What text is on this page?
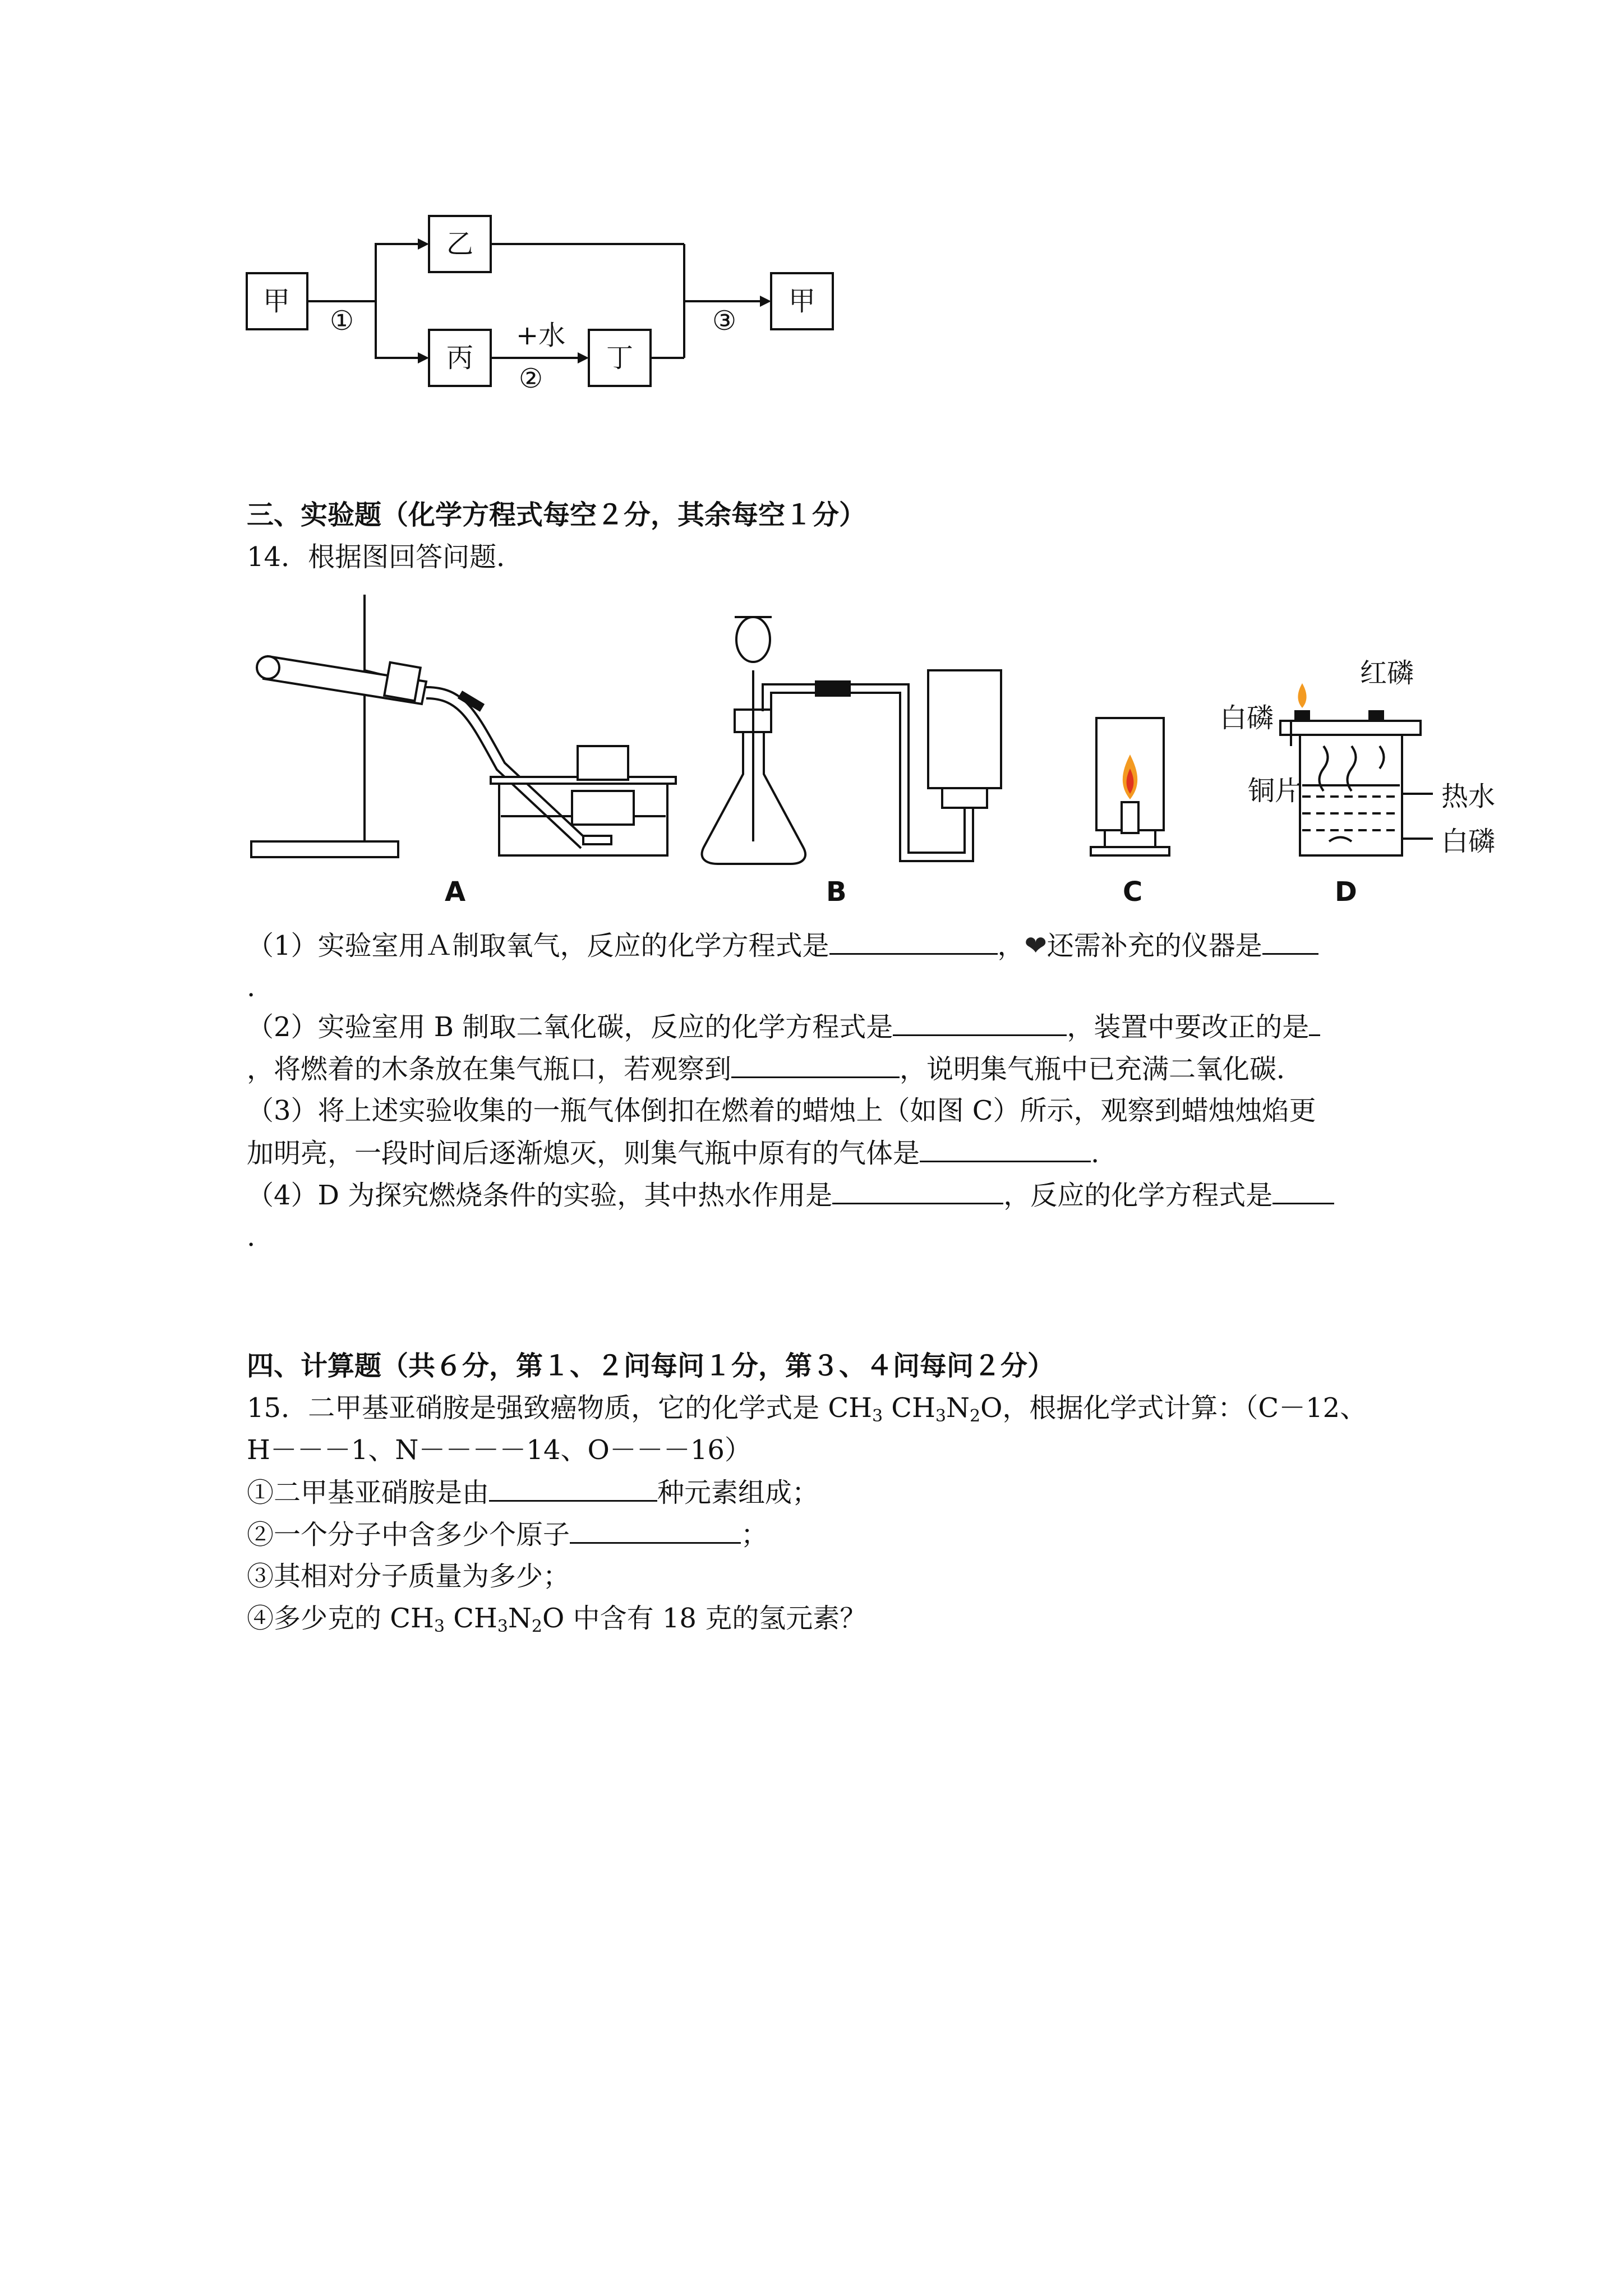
甲
乙
丙	丁
甲
①	+水
②
③
三、实验题（化学方程式每空２分，其余每空１分）
14．根据图回答问题．
A	B	C	D
红磷
白磷
铜片	热水
白磷
（1）实验室用Ａ制取氧气，反应的化学方程式是	，❤还需补充的仪器是
.
（2）实验室用 B 制取二氧化碳，反应的化学方程式是	，装置中要改正的是
，将燃着的木条放在集气瓶口，若观察到	，说明集气瓶中已充满二氧化碳．
（3）将上述实验收集的一瓶气体倒扣在燃着的蜡烛上（如图 C）所示，观察到蜡烛烛焰更
加明亮，一段时间后逐渐熄灭，则集气瓶中原有的气体是	.
（4）D 为探究燃烧条件的实验，其中热水作用是	，反应的化学方程式是
.
四、计算题（共６分，第１、２问每问１分，第３、４问每问２分）
15．二甲基亚硝胺是强致癌物质，它的化学式是 $CH_3$ $CH_3N_2O$，根据化学式计算：（C－12、
H－－－1、N－－－－14、O－－－16）
①二甲基亚硝胺是由	种元素组成；
②一个分子中含多少个原子	；
③其相对分子质量为多少；
④多少克的 $CH_3$ $CH_3N_2O$ 中含有 18 克的氢元素？
